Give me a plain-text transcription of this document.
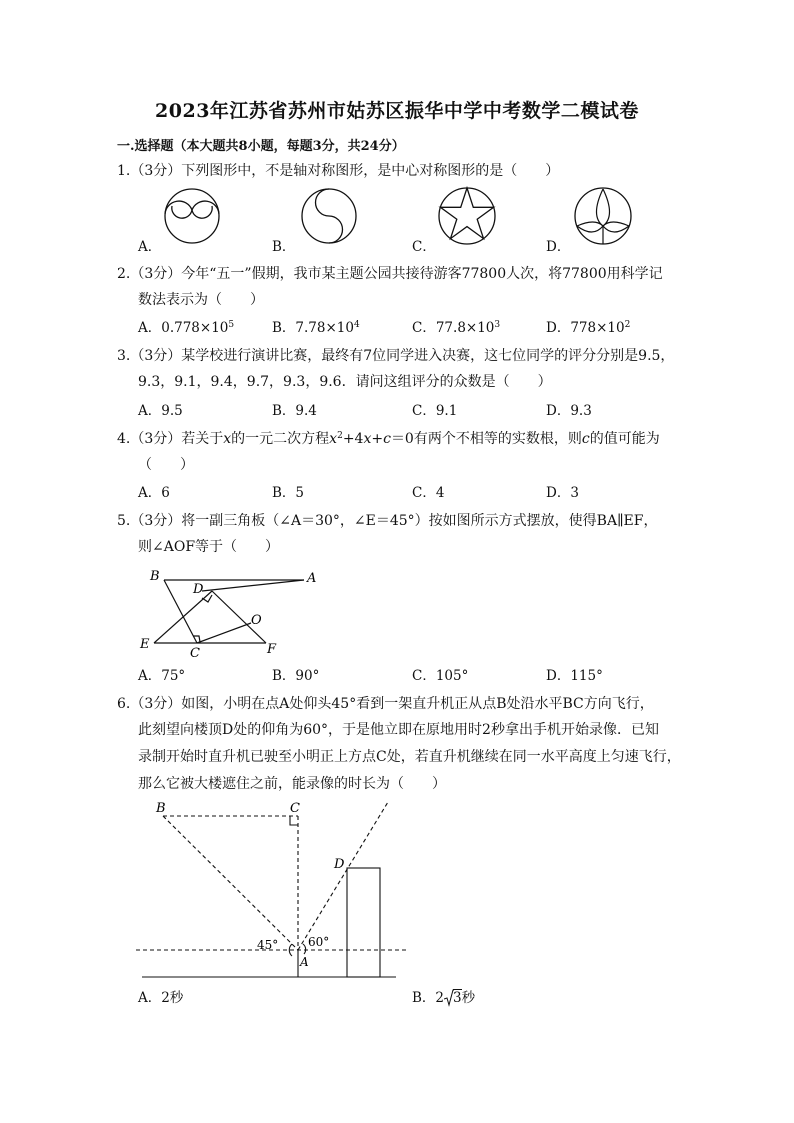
2023年江苏省苏州市姑苏区振华中学中考数学二模试卷
一.选择题（本大题共8小题，每题3分，共24分）
1.（3分）下列图形中，不是轴对称图形，是中心对称图形的是（　　）
A．	B．	C．	D．
2.（3分）今年“五一”假期，我市某主题公园共接待游客77800人次，将77800用科学记
数法表示为（　　）
A．$0.778\times 10^5$	B．$7.78\times 10^4$	C．$77.8\times 10^3$	D．$778\times 10^2$
3.（3分）某学校进行演讲比赛，最终有7位同学进入决赛，这七位同学的评分分别是9.5，
9.3，9.1，9.4，9.7，9.3，9.6．请问这组评分的众数是（　　）
A．9.5	B．9.4	C．9.1	D．9.3
4.（3分）若关于x的一元二次方程$x^2+4x+c=0$有两个不相等的实数根，则c的值可能为
（　　）
A．6	B．5	C．4	D．3
5.（3分）将一副三角板（∠A＝30°，∠E＝45°）按如图所示方式摆放，使得BA∥EF，
则∠AOF等于（　　）
B	A
D
O
E
C	F
A．75°	B．90°	C．105°	D．115°
6.（3分）如图，小明在点A处仰头45°看到一架直升机正从点B处沿水平BC方向飞行，
此刻望向楼顶D处的仰角为60°，于是他立即在原地用时2秒拿出手机开始录像．已知
录制开始时直升机已驶至小明正上方点C处，若直升机继续在同一水平高度上匀速飞行，
那么它被大楼遮住之前，能录像的时长为（　　）
B	C
D
A
45° 60°
A．2秒	B．2 3秒
